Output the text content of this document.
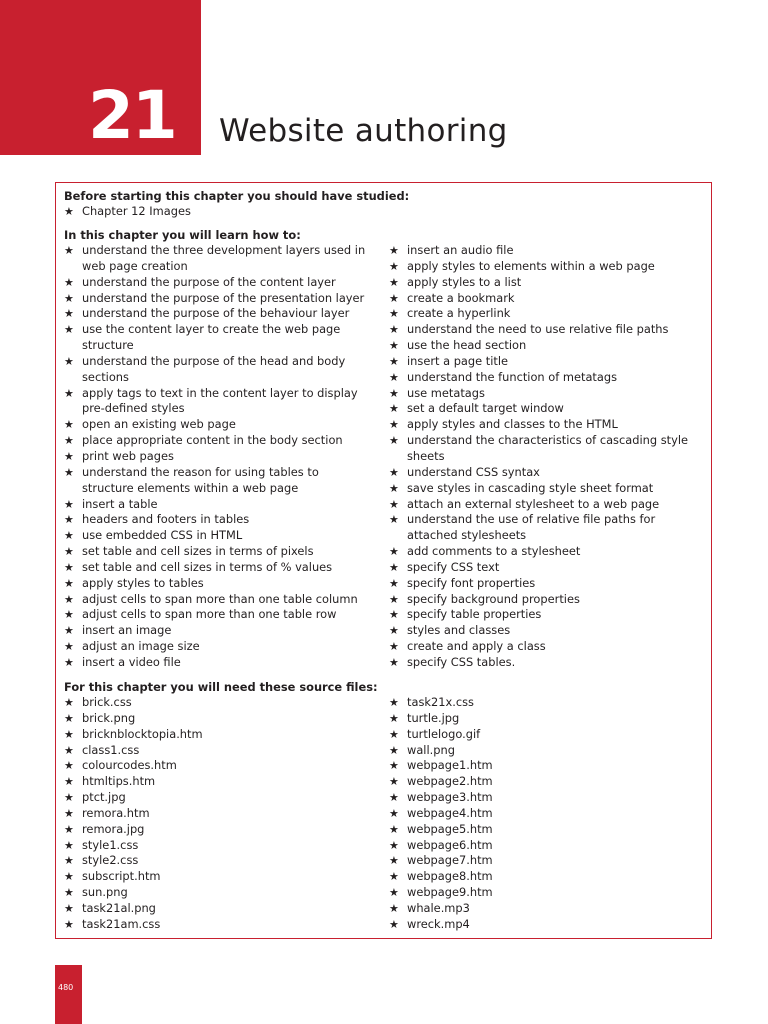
21 Website authoring
Before starting this chapter you should have studied:
★ Chapter 12 Images
In this chapter you will learn how to:
★ understand the three development layers used in
web page creation
★ understand the purpose of the content layer
★ understand the purpose of the presentation layer
★ understand the purpose of the behaviour layer
★ use the content layer to create the web page
structure
★ understand the purpose of the head and body
sections
★ apply tags to text in the content layer to display
pre-defined styles
★ open an existing web page
★ place appropriate content in the body section
★ print web pages
★ understand the reason for using tables to
structure elements within a web page
★ insert a table
★ headers and footers in tables
★ use embedded CSS in HTML
★ set table and cell sizes in terms of pixels
★ set table and cell sizes in terms of % values
★ apply styles to tables
★ adjust cells to span more than one table column
★ adjust cells to span more than one table row
★ insert an image
★ adjust an image size
★ insert a video file
★ insert an audio file
★ apply styles to elements within a web page
★ apply styles to a list
★ create a bookmark
★ create a hyperlink
★ understand the need to use relative file paths
★ use the head section
★ insert a page title
★ understand the function of metatags
★ use metatags
★ set a default target window
★ apply styles and classes to the HTML
★ understand the characteristics of cascading style
sheets
★ understand CSS syntax
★ save styles in cascading style sheet format
★ attach an external stylesheet to a web page
★ understand the use of relative file paths for
attached stylesheets
★ add comments to a stylesheet
★ specify CSS text
★ specify font properties
★ specify background properties
★ specify table properties
★ styles and classes
★ create and apply a class
★ specify CSS tables.
For this chapter you will need these source files:
★ brick.css
★ brick.png
★ bricknblocktopia.htm
★ class1.css
★ colourcodes.htm
★ htmltips.htm
★ ptct.jpg
★ remora.htm
★ remora.jpg
★ style1.css
★ style2.css
★ subscript.htm
★ sun.png
★ task21al.png
★ task21am.css
★ task21x.css
★ turtle.jpg
★ turtlelogo.gif
★ wall.png
★ webpage1.htm
★ webpage2.htm
★ webpage3.htm
★ webpage4.htm
★ webpage5.htm
★ webpage6.htm
★ webpage7.htm
★ webpage8.htm
★ webpage9.htm
★ whale.mp3
★ wreck.mp4
480
